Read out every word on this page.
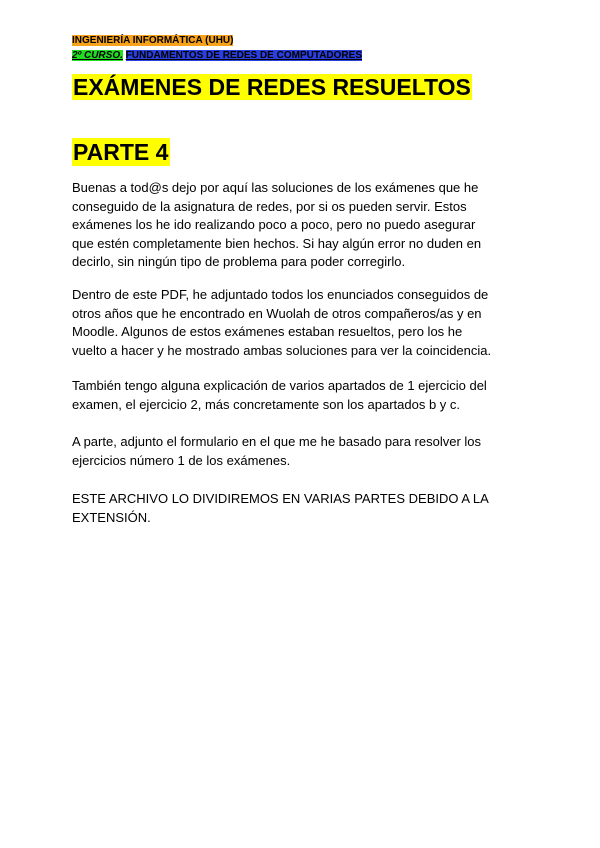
INGENIERÍA INFORMÁTICA (UHU)
2º CURSO. FUNDAMENTOS DE REDES DE COMPUTADORES
EXÁMENES DE REDES RESUELTOS
PARTE 4

Buenas a tod@s dejo por aquí las soluciones de los exámenes que he
conseguido de la asignatura de redes, por si os pueden servir. Estos
exámenes los he ido realizando poco a poco, pero no puedo asegurar
que estén completamente bien hechos. Si hay algún error no duden en
decirlo, sin ningún tipo de problema para poder corregirlo.

Dentro de este PDF, he adjuntado todos los enunciados conseguidos de
otros años que he encontrado en Wuolah de otros compañeros/as y en
Moodle. Algunos de estos exámenes estaban resueltos, pero los he
vuelto a hacer y he mostrado ambas soluciones para ver la coincidencia.

También tengo alguna explicación de varios apartados de 1 ejercicio del
examen, el ejercicio 2, más concretamente son los apartados b y c.

A parte, adjunto el formulario en el que me he basado para resolver los
ejercicios número 1 de los exámenes.

ESTE ARCHIVO LO DIVIDIREMOS EN VARIAS PARTES DEBIDO A LA
EXTENSIÓN.
